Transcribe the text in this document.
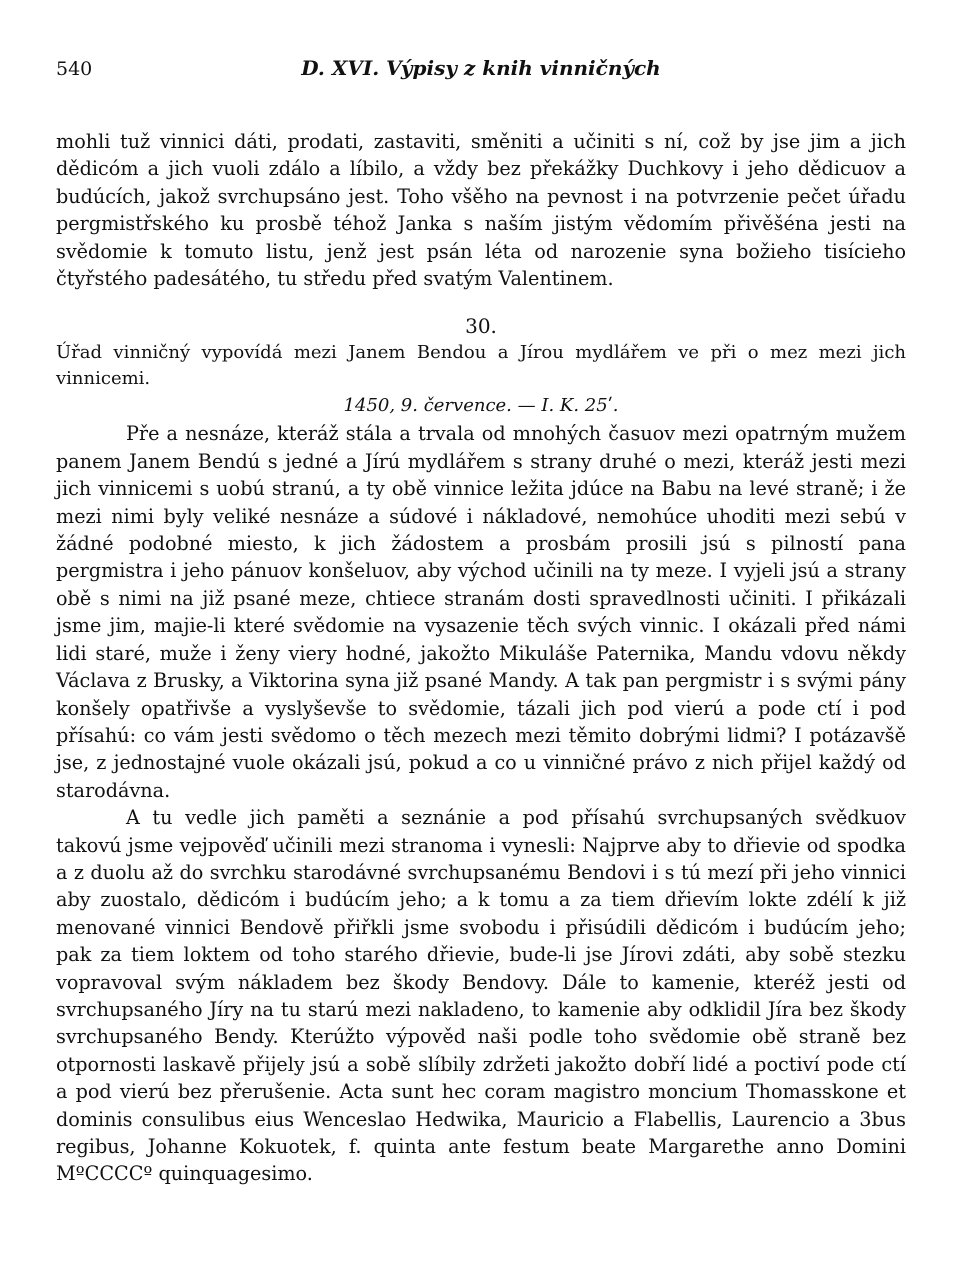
540	D. XVI. Výpisy z knih vinničných

mohli tuž vinnici dáti, prodati, zastaviti, směniti a učiniti s ní, což by jse jim a jich dědicóm a jich vuoli zdálo a líbilo, a vždy bez překážky Duchkovy i jeho dědicuov a budúcích, jakož svrchupsáno jest. Toho všěho na pevnost i na potvrzenie pečet úřadu pergmistřského ku prosbě téhož Janka s naším jistým vědomím přivěšéna jesti na svědomie k tomuto listu, jenž jest psán léta od narozenie syna božieho tisícieho čtyřstého padesátého, tu středu před svatým Valentinem.

30.

Úřad vinničný vypovídá mezi Janem Bendou a Jírou mydlářem ve při o mez mezi jich vinnicemi.

1450, 9. července. — I. K. 25ʹ.

Pře a nesnáze, kteráž stála a trvala od mnohých časuov mezi opatrným mužem panem Janem Bendú s jedné a Jírú mydlářem s strany druhé o mezi, kteráž jesti mezi jich vinnicemi s uobú stranú, a ty obě vinnice ležita jdúce na Babu na levé straně; i že mezi nimi byly veliké nesnáze a súdové i nákladové, nemohúce uhoditi mezi sebú v žádné podobné miesto, k jich žádostem a prosbám prosili jsú s pilností pana pergmistra i jeho pánuov konšeluov, aby východ učinili na ty meze. I vyjeli jsú a strany obě s nimi na již psané meze, chtiece stranám dosti spravedlnosti učiniti. I přikázali jsme jim, majie-li které svědomie na vysazenie těch svých vinnic. I okázali před námi lidi staré, muže i ženy viery hodné, jakožto Mikuláše Paternika, Mandu vdovu někdy Václava z Brusky, a Viktorina syna již psané Mandy. A tak pan pergmistr i s svými pány konšely opatřivše a vyslyševše to svědomie, tázali jich pod vierú a pode ctí i pod přísahú: co vám jesti svědomo o těch mezech mezi těmito dobrými lidmi? I potázavšě jse, z jednostajné vuole okázali jsú, pokud a co u vinničné právo z nich přijel každý od starodávna.

A tu vedle jich paměti a seznánie a pod přísahú svrchupsaných svědkuov takovú jsme vejpověď učinili mezi stranoma i vynesli: Najprve aby to dřievie od spodka a z duolu až do svrchku starodávné svrchupsanému Bendovi i s tú mezí při jeho vinnici aby zuostalo, dědicóm i budúcím jeho; a k tomu a za tiem dřievím lokte zdélí k již menované vinnici Bendově přiřkli jsme svobodu i přisúdili dědicóm i budúcím jeho; pak za tiem loktem od toho starého dřievie, bude-li jse Jírovi zdáti, aby sobě stezku vopravoval svým nákladem bez škody Bendovy. Dále to kamenie, kteréž jesti od svrchupsaného Jíry na tu starú mezi nakladeno, to kamenie aby odklidil Jíra bez škody svrchupsaného Bendy. Kterúžto výpověd naši podle toho svědomie obě straně bez otpornosti laskavě přijely jsú a sobě slíbily zdržeti jakožto dobří lidé a poctiví pode ctí a pod vierú bez přerušenie. Acta sunt hec coram magistro moncium Thomasskone et dominis consulibus eius Wenceslao Hedwika, Mauricio a Flabellis, Laurencio a 3bus regibus, Johanne Kokuotek, f. quinta ante festum beate Margarethe anno Domini MºCCCCº quinquagesimo.
